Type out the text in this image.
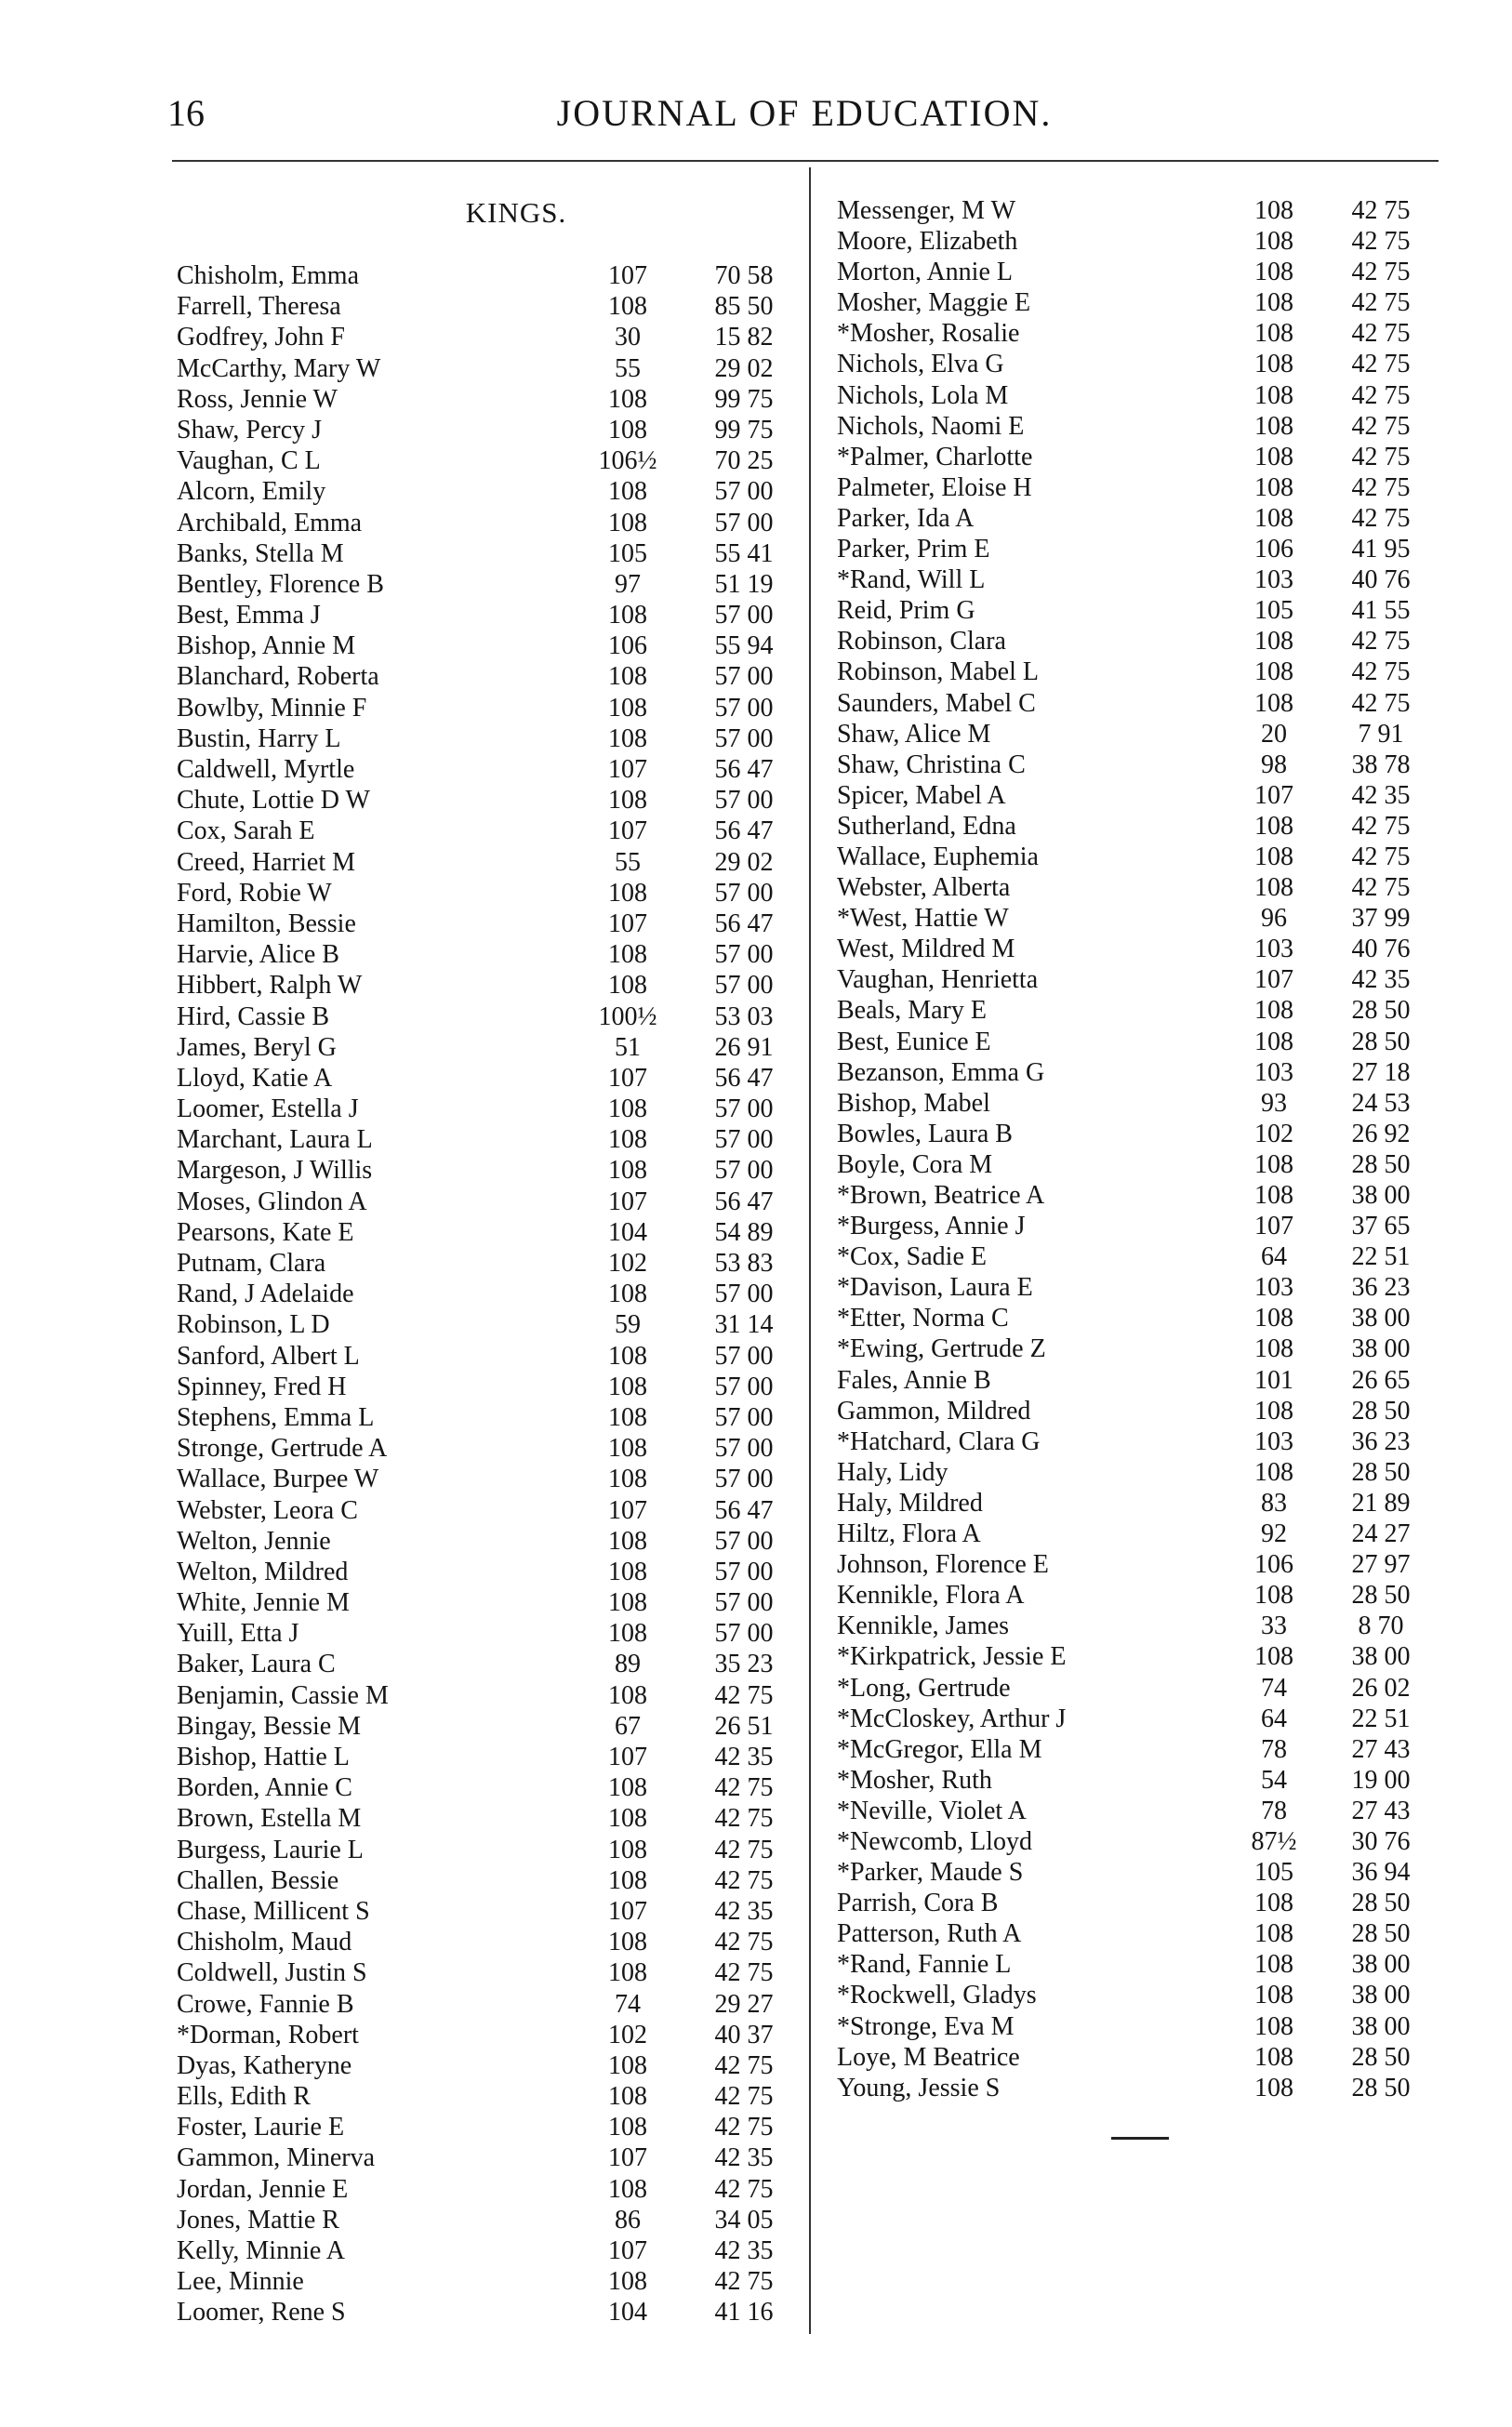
16	JOURNAL OF EDUCATION.
KINGS.
Chisholm, Emma	107	70 58
Farrell, Theresa	108	85 50
Godfrey, John F	30	15 82
McCarthy, Mary W	55	29 02
Ross, Jennie W	108	99 75
Shaw, Percy J	108	99 75
Vaughan, C L	106½	70 25
Alcorn, Emily	108	57 00
Archibald, Emma	108	57 00
Banks, Stella M	105	55 41
Bentley, Florence B	97	51 19
Best, Emma J	108	57 00
Bishop, Annie M	106	55 94
Blanchard, Roberta	108	57 00
Bowlby, Minnie F	108	57 00
Bustin, Harry L	108	57 00
Caldwell, Myrtle	107	56 47
Chute, Lottie D W	108	57 00
Cox, Sarah E	107	56 47
Creed, Harriet M	55	29 02
Ford, Robie W	108	57 00
Hamilton, Bessie	107	56 47
Harvie, Alice B	108	57 00
Hibbert, Ralph W	108	57 00
Hird, Cassie B	100½	53 03
James, Beryl G	51	26 91
Lloyd, Katie A	107	56 47
Loomer, Estella J	108	57 00
Marchant, Laura L	108	57 00
Margeson, J Willis	108	57 00
Moses, Glindon A	107	56 47
Pearsons, Kate E	104	54 89
Putnam, Clara	102	53 83
Rand, J Adelaide	108	57 00
Robinson, L D	59	31 14
Sanford, Albert L	108	57 00
Spinney, Fred H	108	57 00
Stephens, Emma L	108	57 00
Stronge, Gertrude A	108	57 00
Wallace, Burpee W	108	57 00
Webster, Leora C	107	56 47
Welton, Jennie	108	57 00
Welton, Mildred	108	57 00
White, Jennie M	108	57 00
Yuill, Etta J	108	57 00
Baker, Laura C	89	35 23
Benjamin, Cassie M	108	42 75
Bingay, Bessie M	67	26 51
Bishop, Hattie L	107	42 35
Borden, Annie C	108	42 75
Brown, Estella M	108	42 75
Burgess, Laurie L	108	42 75
Challen, Bessie	108	42 75
Chase, Millicent S	107	42 35
Chisholm, Maud	108	42 75
Coldwell, Justin S	108	42 75
Crowe, Fannie B	74	29 27
*Dorman, Robert	102	40 37
Dyas, Katheryne	108	42 75
Ells, Edith R	108	42 75
Foster, Laurie E	108	42 75
Gammon, Minerva	107	42 35
Jordan, Jennie E	108	42 75
Jones, Mattie R	86	34 05
Kelly, Minnie A	107	42 35
Lee, Minnie	108	42 75
Loomer, Rene S	104	41 16
Messenger, M W	108	42 75
Moore, Elizabeth	108	42 75
Morton, Annie L	108	42 75
Mosher, Maggie E	108	42 75
*Mosher, Rosalie	108	42 75
Nichols, Elva G	108	42 75
Nichols, Lola M	108	42 75
Nichols, Naomi E	108	42 75
*Palmer, Charlotte	108	42 75
Palmeter, Eloise H	108	42 75
Parker, Ida A	108	42 75
Parker, Prim E	106	41 95
*Rand, Will L	103	40 76
Reid, Prim G	105	41 55
Robinson, Clara	108	42 75
Robinson, Mabel L	108	42 75
Saunders, Mabel C	108	42 75
Shaw, Alice M	20	7 91
Shaw, Christina C	98	38 78
Spicer, Mabel A	107	42 35
Sutherland, Edna	108	42 75
Wallace, Euphemia	108	42 75
Webster, Alberta	108	42 75
*West, Hattie W	96	37 99
West, Mildred M	103	40 76
Vaughan, Henrietta	107	42 35
Beals, Mary E	108	28 50
Best, Eunice E	108	28 50
Bezanson, Emma G	103	27 18
Bishop, Mabel	93	24 53
Bowles, Laura B	102	26 92
Boyle, Cora M	108	28 50
*Brown, Beatrice A	108	38 00
*Burgess, Annie J	107	37 65
*Cox, Sadie E	64	22 51
*Davison, Laura E	103	36 23
*Etter, Norma C	108	38 00
*Ewing, Gertrude Z	108	38 00
Fales, Annie B	101	26 65
Gammon, Mildred	108	28 50
*Hatchard, Clara G	103	36 23
Haly, Lidy	108	28 50
Haly, Mildred	83	21 89
Hiltz, Flora A	92	24 27
Johnson, Florence E	106	27 97
Kennikle, Flora A	108	28 50
Kennikle, James	33	8 70
*Kirkpatrick, Jessie E	108	38 00
*Long, Gertrude	74	26 02
*McCloskey, Arthur J	64	22 51
*McGregor, Ella M	78	27 43
*Mosher, Ruth	54	19 00
*Neville, Violet A	78	27 43
*Newcomb, Lloyd	87½	30 76
*Parker, Maude S	105	36 94
Parrish, Cora B	108	28 50
Patterson, Ruth A	108	28 50
*Rand, Fannie L	108	38 00
*Rockwell, Gladys	108	38 00
*Stronge, Eva M	108	38 00
Loye, M Beatrice	108	28 50
Young, Jessie S	108	28 50
